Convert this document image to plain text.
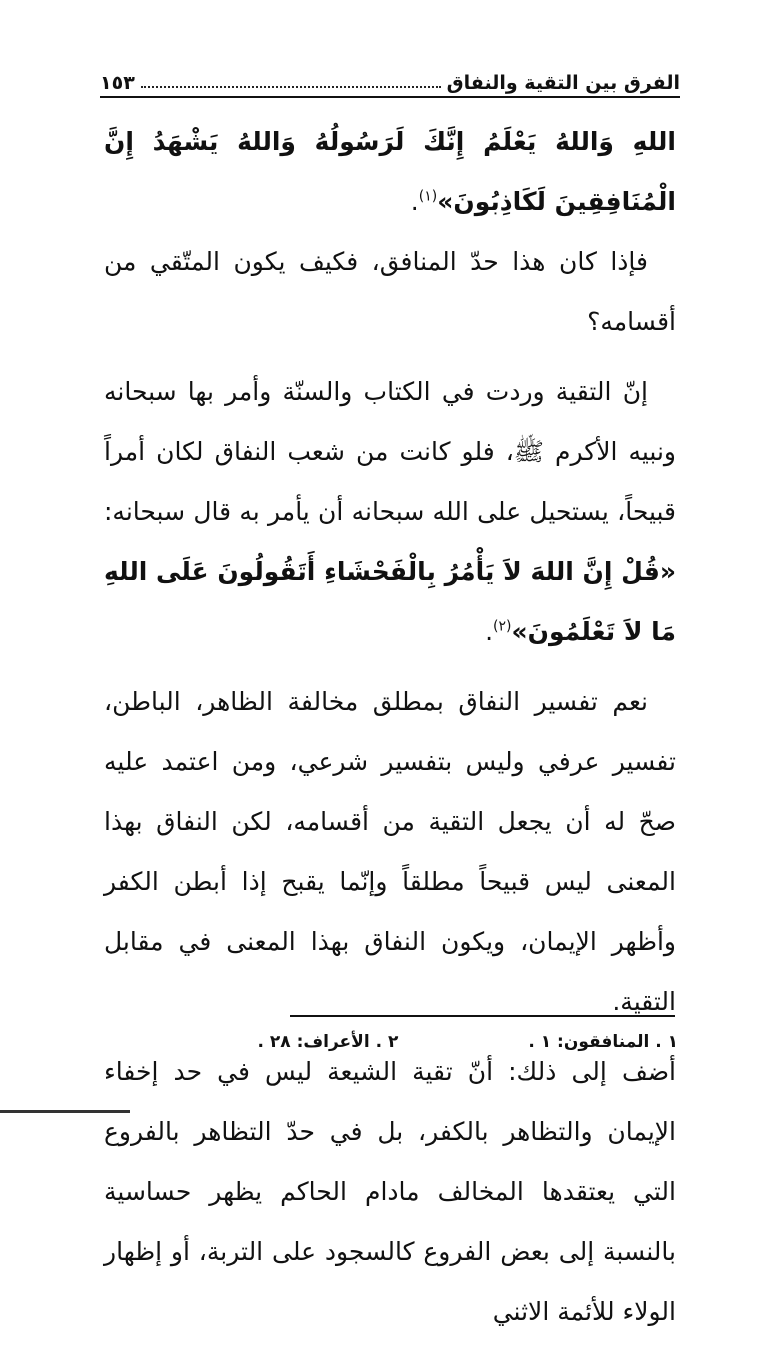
الفرق بين التقية والنفاق
١٥٣

اللهِ وَاللهُ يَعْلَمُ إِنَّكَ لَرَسُولُهُ وَاللهُ يَشْهَدُ إِنَّ الْمُنَافِقِينَ لَكَاذِبُونَ»$^{(١)}$.

فإذا كان هذا حدّ المنافق، فكيف يكون المتّقي من أقسامه؟

إنّ التقية وردت في الكتاب والسنّة وأمر بها سبحانه ونبيه الأكرم ﷺ، فلو كانت من شعب النفاق لكان أمراً قبيحاً، يستحيل على الله سبحانه أن يأمر به قال سبحانه: «قُلْ إِنَّ اللهَ لاَ يَأْمُرُ بِالْفَحْشَاءِ أَتَقُولُونَ عَلَى اللهِ مَا لاَ تَعْلَمُونَ»$^{(٢)}$.

نعم تفسير النفاق بمطلق مخالفة الظاهر، الباطن، تفسير عرفي وليس بتفسير شرعي، ومن اعتمد عليه صحّ له أن يجعل التقية من أقسامه، لكن النفاق بهذا المعنى ليس قبيحاً مطلقاً وإنّما يقبح إذا أبطن الكفر وأظهر الإيمان، ويكون النفاق بهذا المعنى في مقابل التقية.

أضف إلى ذلك: أنّ تقية الشيعة ليس في حد إخفاء الإيمان والتظاهر بالكفر، بل في حدّ التظاهر بالفروع التي يعتقدها المخالف مادام الحاكم يظهر حساسية بالنسبة إلى بعض الفروع كالسجود على التربة، أو إظهار الولاء للأئمة الاثني

١ . المنافقون: ١ .
٢ . الأعراف: ٢٨ .
